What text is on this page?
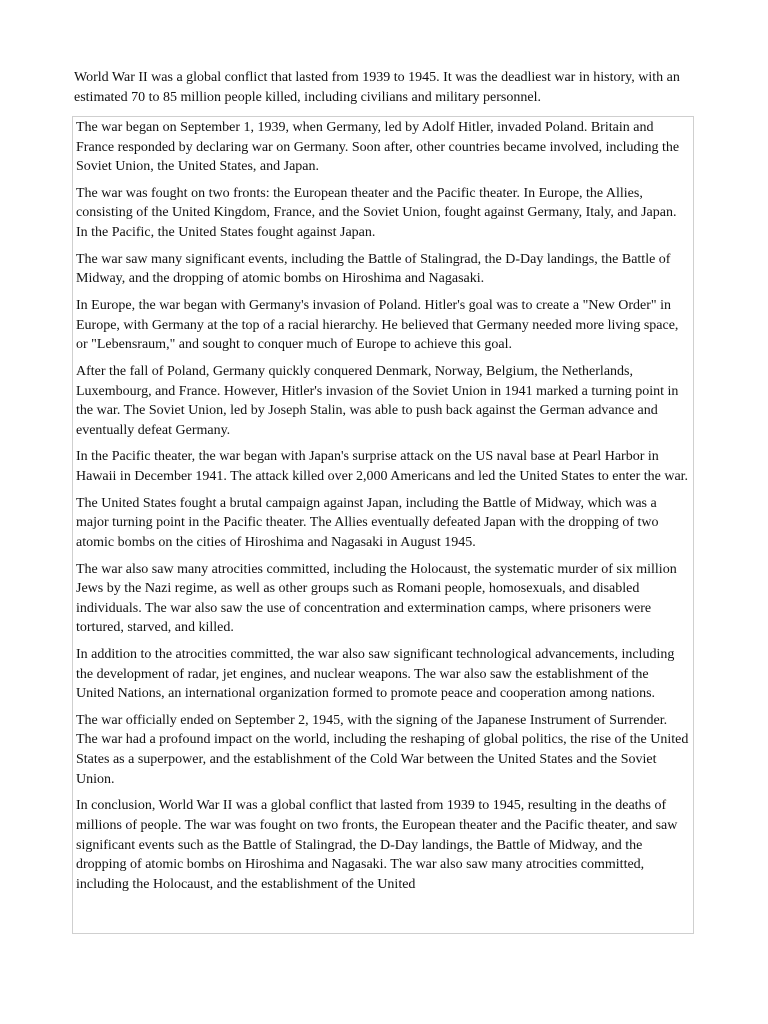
World War II was a global conflict that lasted from 1939 to 1945. It was the deadliest war in history, with an estimated 70 to 85 million people killed, including civilians and military personnel.

The war began on September 1, 1939, when Germany, led by Adolf Hitler, invaded Poland. Britain and France responded by declaring war on Germany. Soon after, other countries became involved, including the Soviet Union, the United States, and Japan.

The war was fought on two fronts: the European theater and the Pacific theater. In Europe, the Allies, consisting of the United Kingdom, France, and the Soviet Union, fought against Germany, Italy, and Japan. In the Pacific, the United States fought against Japan.

The war saw many significant events, including the Battle of Stalingrad, the D-Day landings, the Battle of Midway, and the dropping of atomic bombs on Hiroshima and Nagasaki.

In Europe, the war began with Germany's invasion of Poland. Hitler's goal was to create a "New Order" in Europe, with Germany at the top of a racial hierarchy. He believed that Germany needed more living space, or "Lebensraum," and sought to conquer much of Europe to achieve this goal.

After the fall of Poland, Germany quickly conquered Denmark, Norway, Belgium, the Netherlands, Luxembourg, and France. However, Hitler's invasion of the Soviet Union in 1941 marked a turning point in the war. The Soviet Union, led by Joseph Stalin, was able to push back against the German advance and eventually defeat Germany.

In the Pacific theater, the war began with Japan's surprise attack on the US naval base at Pearl Harbor in Hawaii in December 1941. The attack killed over 2,000 Americans and led the United States to enter the war.

The United States fought a brutal campaign against Japan, including the Battle of Midway, which was a major turning point in the Pacific theater. The Allies eventually defeated Japan with the dropping of two atomic bombs on the cities of Hiroshima and Nagasaki in August 1945.

The war also saw many atrocities committed, including the Holocaust, the systematic murder of six million Jews by the Nazi regime, as well as other groups such as Romani people, homosexuals, and disabled individuals. The war also saw the use of concentration and extermination camps, where prisoners were tortured, starved, and killed.

In addition to the atrocities committed, the war also saw significant technological advancements, including the development of radar, jet engines, and nuclear weapons. The war also saw the establishment of the United Nations, an international organization formed to promote peace and cooperation among nations.

The war officially ended on September 2, 1945, with the signing of the Japanese Instrument of Surrender. The war had a profound impact on the world, including the reshaping of global politics, the rise of the United States as a superpower, and the establishment of the Cold War between the United States and the Soviet Union.

In conclusion, World War II was a global conflict that lasted from 1939 to 1945, resulting in the deaths of millions of people. The war was fought on two fronts, the European theater and the Pacific theater, and saw significant events such as the Battle of Stalingrad, the D-Day landings, the Battle of Midway, and the dropping of atomic bombs on Hiroshima and Nagasaki. The war also saw many atrocities committed, including the Holocaust, and the establishment of the United
